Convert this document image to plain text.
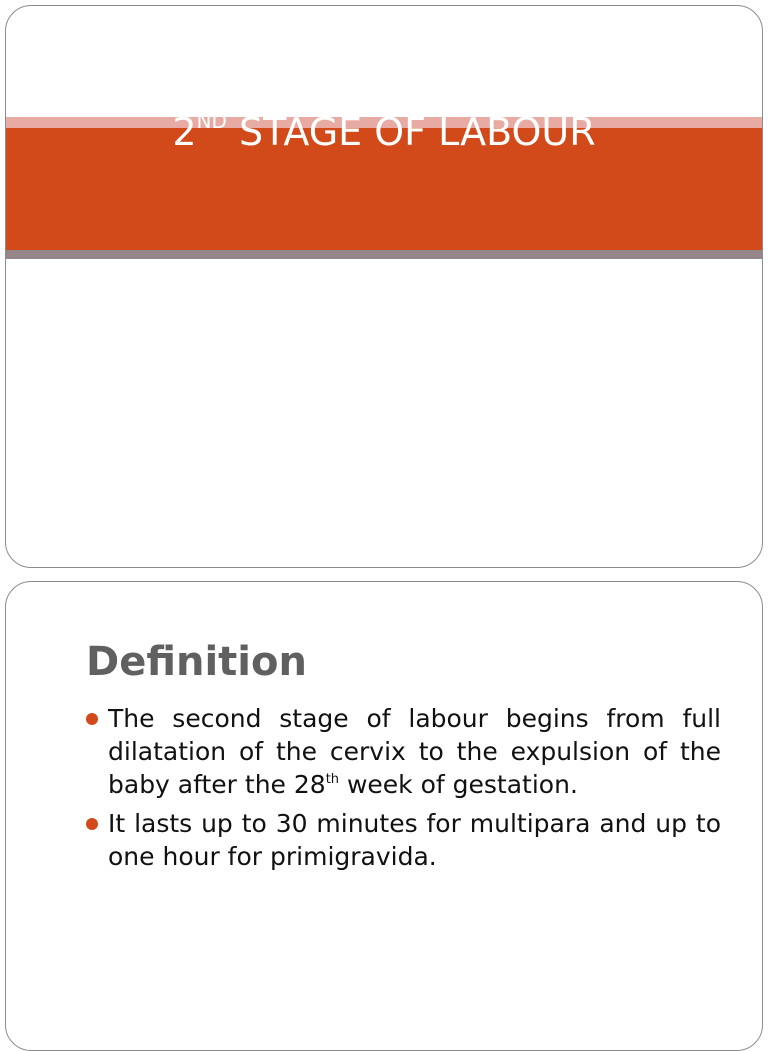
2ND STAGE OF LABOUR
Definition
The second stage of labour begins from full dilatation of the cervix to the expulsion of the baby after the 28th week of gestation.
It lasts up to 30 minutes for multipara and up to one hour for primigravida.
